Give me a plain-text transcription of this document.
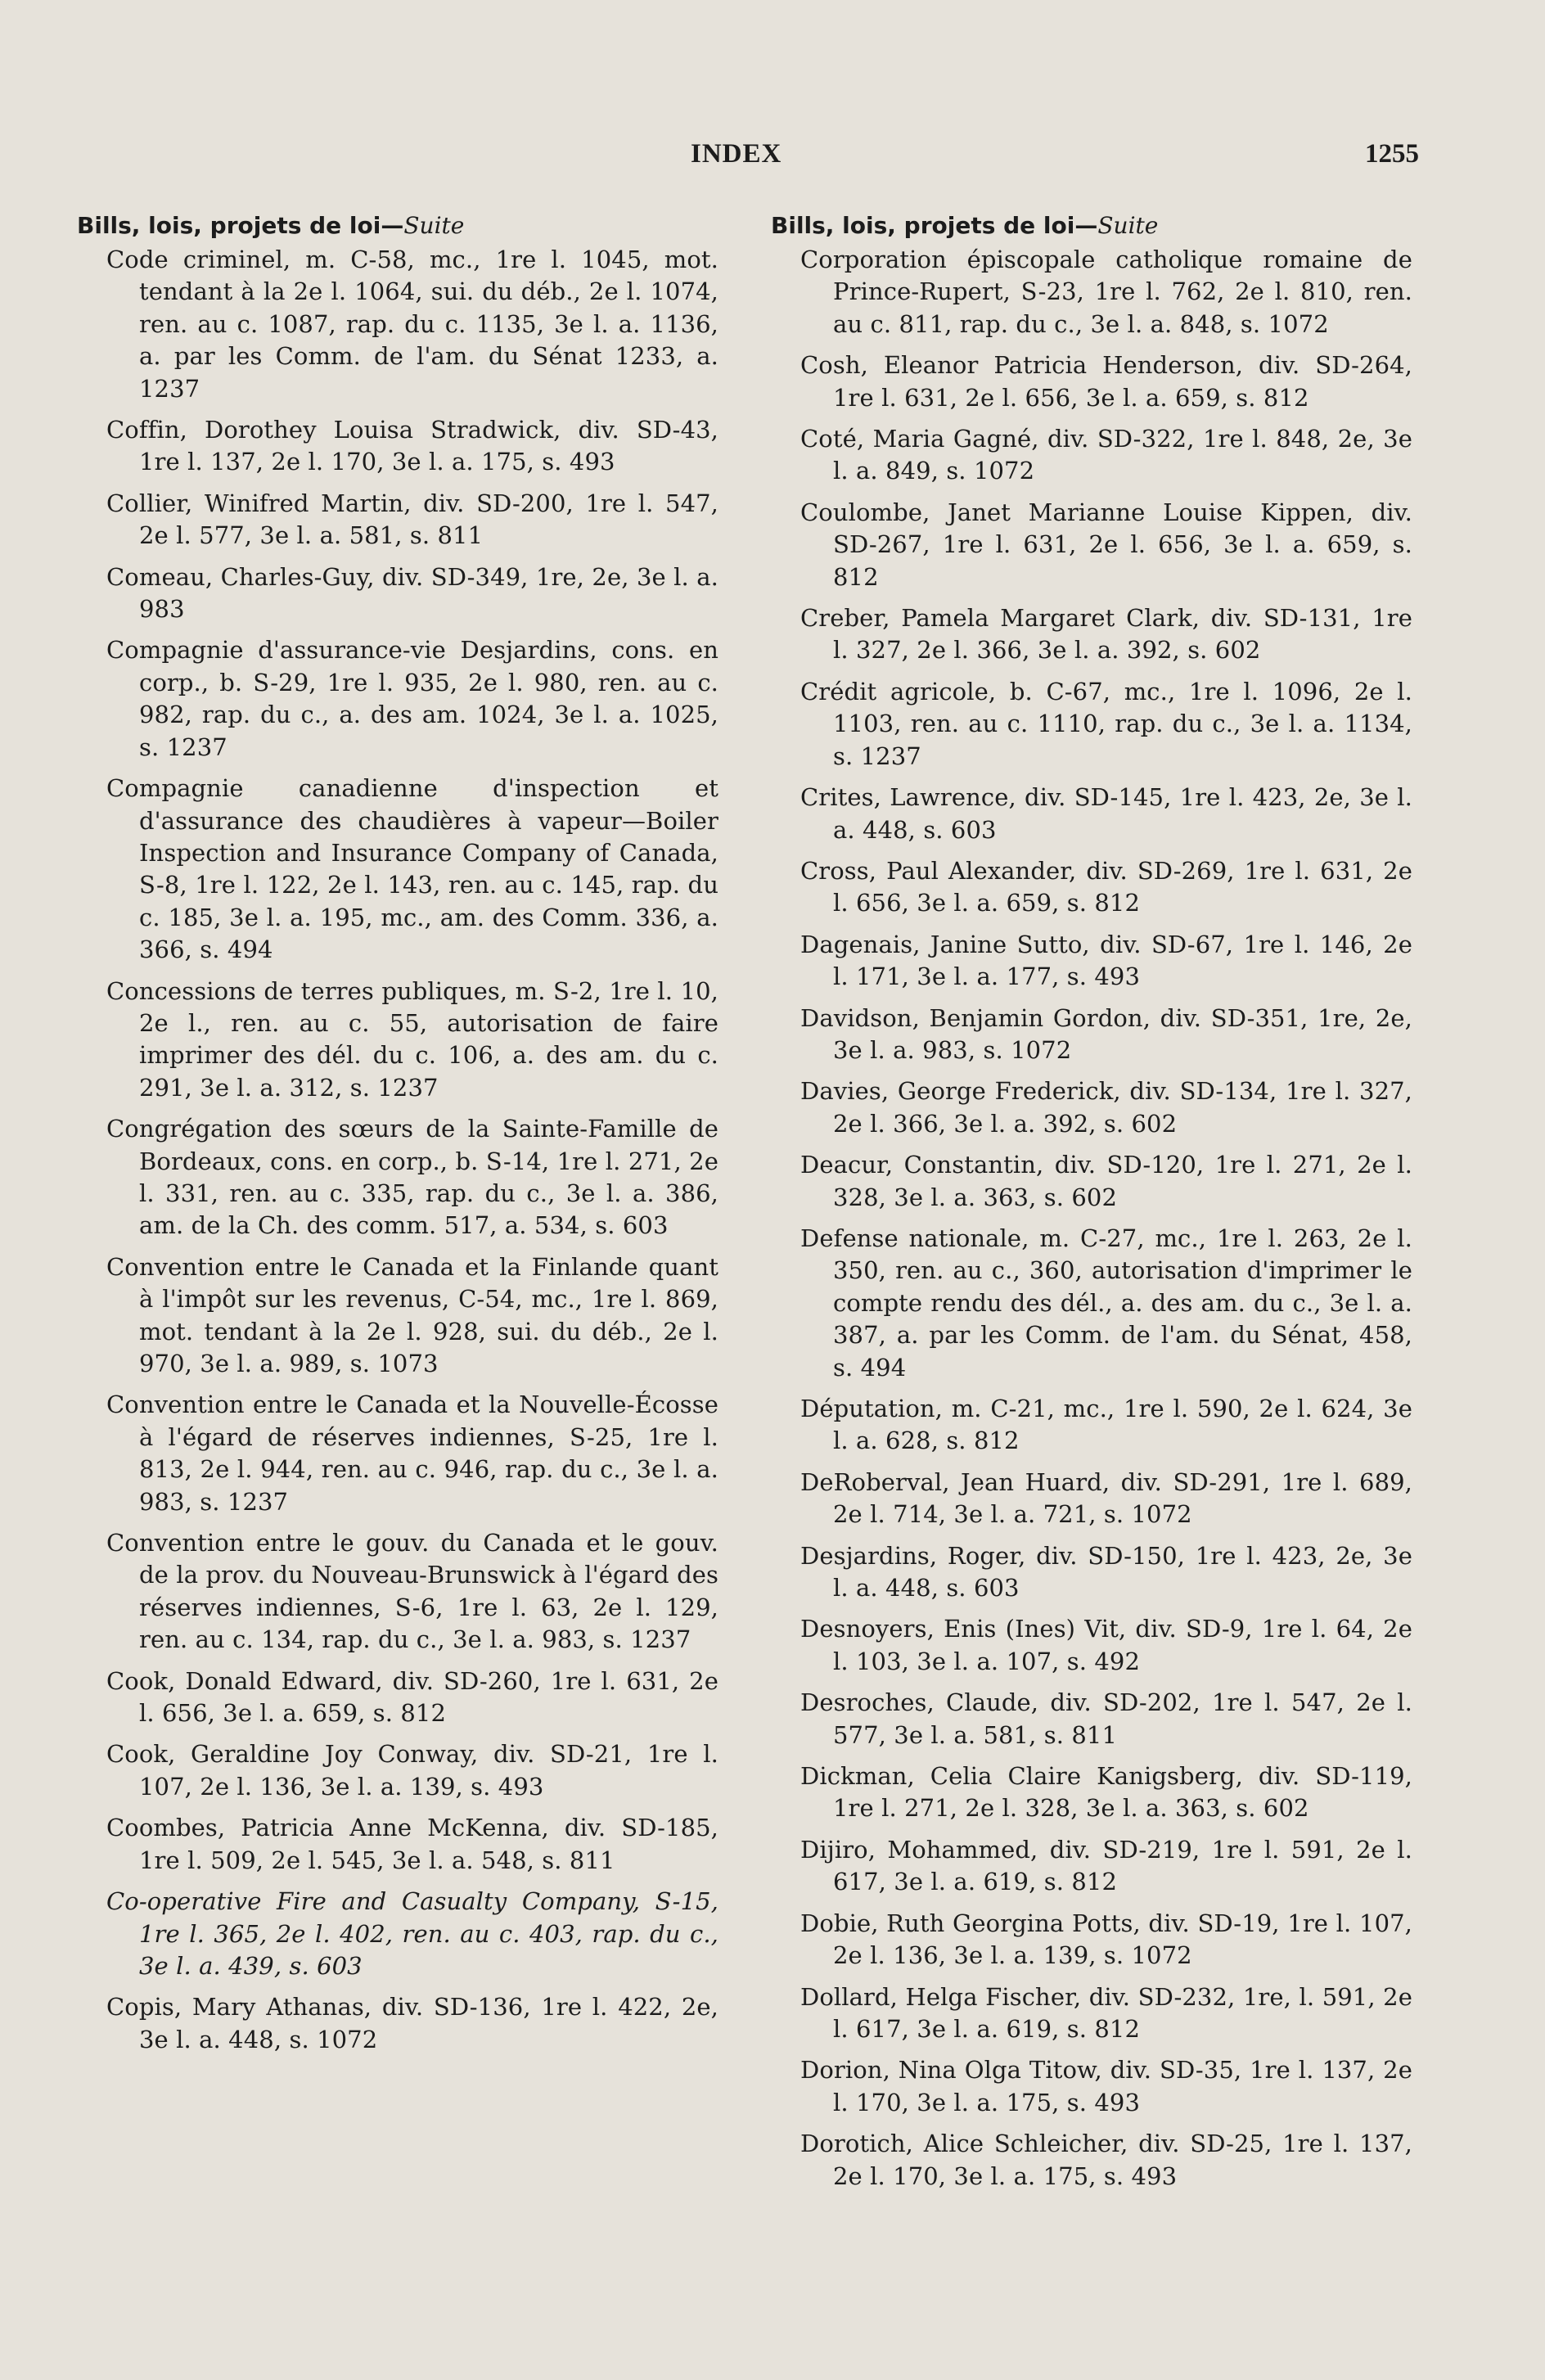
INDEX	1255
Bills, lois, projets de loi—Suite

Code criminel, m. C-58, mc., 1re l. 1045, mot. tendant à la 2e l. 1064, sui. du déb., 2e l. 1074, ren. au c. 1087, rap. du c. 1135, 3e l. a. 1136, a. par les Comm. de l'am. du Sénat 1233, a. 1237

Coffin, Dorothey Louisa Stradwick, div. SD-43, 1re l. 137, 2e l. 170, 3e l. a. 175, s. 493

Collier, Winifred Martin, div. SD-200, 1re l. 547, 2e l. 577, 3e l. a. 581, s. 811

Comeau, Charles-Guy, div. SD-349, 1re, 2e, 3e l. a. 983

Compagnie d'assurance-vie Desjardins, cons. en corp., b. S-29, 1re l. 935, 2e l. 980, ren. au c. 982, rap. du c., a. des am. 1024, 3e l. a. 1025, s. 1237

Compagnie canadienne d'inspection et d'assurance des chaudières à vapeur—Boiler Inspection and Insurance Company of Canada, S-8, 1re l. 122, 2e l. 143, ren. au c. 145, rap. du c. 185, 3e l. a. 195, mc., am. des Comm. 336, a. 366, s. 494

Concessions de terres publiques, m. S-2, 1re l. 10, 2e l., ren. au c. 55, autorisation de faire imprimer des dél. du c. 106, a. des am. du c. 291, 3e l. a. 312, s. 1237

Congrégation des sœurs de la Sainte-Famille de Bordeaux, cons. en corp., b. S-14, 1re l. 271, 2e l. 331, ren. au c. 335, rap. du c., 3e l. a. 386, am. de la Ch. des comm. 517, a. 534, s. 603

Convention entre le Canada et la Finlande quant à l'impôt sur les revenus, C-54, mc., 1re l. 869, mot. tendant à la 2e l. 928, sui. du déb., 2e l. 970, 3e l. a. 989, s. 1073

Convention entre le Canada et la Nouvelle-Écosse à l'égard de réserves indiennes, S-25, 1re l. 813, 2e l. 944, ren. au c. 946, rap. du c., 3e l. a. 983, s. 1237

Convention entre le gouv. du Canada et le gouv. de la prov. du Nouveau-Brunswick à l'égard des réserves indiennes, S-6, 1re l. 63, 2e l. 129, ren. au c. 134, rap. du c., 3e l. a. 983, s. 1237

Cook, Donald Edward, div. SD-260, 1re l. 631, 2e l. 656, 3e l. a. 659, s. 812

Cook, Geraldine Joy Conway, div. SD-21, 1re l. 107, 2e l. 136, 3e l. a. 139, s. 493

Coombes, Patricia Anne McKenna, div. SD-185, 1re l. 509, 2e l. 545, 3e l. a. 548, s. 811

Co-operative Fire and Casualty Company, S-15, 1re l. 365, 2e l. 402, ren. au c. 403, rap. du c., 3e l. a. 439, s. 603

Copis, Mary Athanas, div. SD-136, 1re l. 422, 2e, 3e l. a. 448, s. 1072

Bills, lois, projets de loi—Suite

Corporation épiscopale catholique romaine de Prince-Rupert, S-23, 1re l. 762, 2e l. 810, ren. au c. 811, rap. du c., 3e l. a. 848, s. 1072

Cosh, Eleanor Patricia Henderson, div. SD-264, 1re l. 631, 2e l. 656, 3e l. a. 659, s. 812

Coté, Maria Gagné, div. SD-322, 1re l. 848, 2e, 3e l. a. 849, s. 1072

Coulombe, Janet Marianne Louise Kippen, div. SD-267, 1re l. 631, 2e l. 656, 3e l. a. 659, s. 812

Creber, Pamela Margaret Clark, div. SD-131, 1re l. 327, 2e l. 366, 3e l. a. 392, s. 602

Crédit agricole, b. C-67, mc., 1re l. 1096, 2e l. 1103, ren. au c. 1110, rap. du c., 3e l. a. 1134, s. 1237

Crites, Lawrence, div. SD-145, 1re l. 423, 2e, 3e l. a. 448, s. 603

Cross, Paul Alexander, div. SD-269, 1re l. 631, 2e l. 656, 3e l. a. 659, s. 812

Dagenais, Janine Sutto, div. SD-67, 1re l. 146, 2e l. 171, 3e l. a. 177, s. 493

Davidson, Benjamin Gordon, div. SD-351, 1re, 2e, 3e l. a. 983, s. 1072

Davies, George Frederick, div. SD-134, 1re l. 327, 2e l. 366, 3e l. a. 392, s. 602

Deacur, Constantin, div. SD-120, 1re l. 271, 2e l. 328, 3e l. a. 363, s. 602

Defense nationale, m. C-27, mc., 1re l. 263, 2e l. 350, ren. au c., 360, autorisation d'imprimer le compte rendu des dél., a. des am. du c., 3e l. a. 387, a. par les Comm. de l'am. du Sénat, 458, s. 494

Députation, m. C-21, mc., 1re l. 590, 2e l. 624, 3e l. a. 628, s. 812

DeRoberval, Jean Huard, div. SD-291, 1re l. 689, 2e l. 714, 3e l. a. 721, s. 1072

Desjardins, Roger, div. SD-150, 1re l. 423, 2e, 3e l. a. 448, s. 603

Desnoyers, Enis (Ines) Vit, div. SD-9, 1re l. 64, 2e l. 103, 3e l. a. 107, s. 492

Desroches, Claude, div. SD-202, 1re l. 547, 2e l. 577, 3e l. a. 581, s. 811

Dickman, Celia Claire Kanigsberg, div. SD-119, 1re l. 271, 2e l. 328, 3e l. a. 363, s. 602

Dijiro, Mohammed, div. SD-219, 1re l. 591, 2e l. 617, 3e l. a. 619, s. 812

Dobie, Ruth Georgina Potts, div. SD-19, 1re l. 107, 2e l. 136, 3e l. a. 139, s. 1072

Dollard, Helga Fischer, div. SD-232, 1re, l. 591, 2e l. 617, 3e l. a. 619, s. 812

Dorion, Nina Olga Titow, div. SD-35, 1re l. 137, 2e l. 170, 3e l. a. 175, s. 493

Dorotich, Alice Schleicher, div. SD-25, 1re l. 137, 2e l. 170, 3e l. a. 175, s. 493
